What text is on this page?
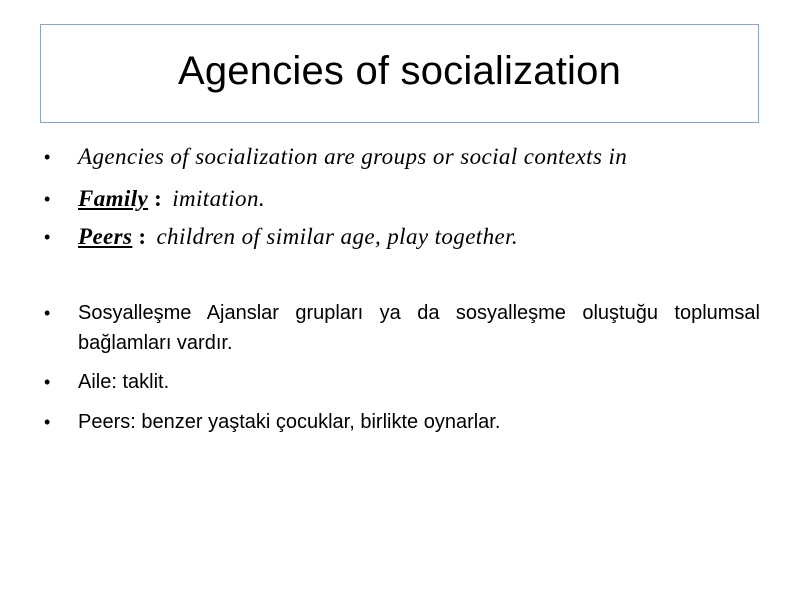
Agencies of socialization
•	Agencies of socialization are groups or social contexts in
•	Family : imitation.
•	Peers : children of similar age, play together.
•	Sosyalleşme Ajanslar grupları ya da sosyalleşme oluştuğu toplumsal bağlamları vardır.
•	Aile: taklit.
•	Peers: benzer yaştaki çocuklar, birlikte oynarlar.
